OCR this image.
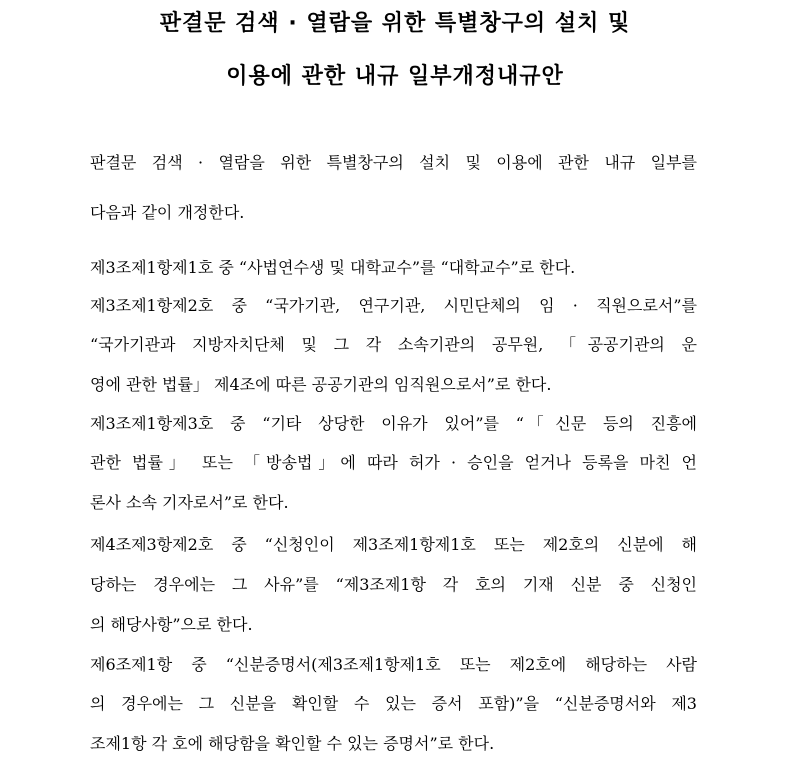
판결문 검색 · 열람을 위한 특별창구의 설치 및
이용에 관한 내규 일부개정내규안
판결문 검색 · 열람을 위한 특별창구의 설치 및 이용에 관한 내규 일부를
다음과 같이 개정한다.
제3조제1항제1호 중 “사법연수생 및 대학교수”를 “대학교수”로 한다.
제3조제1항제2호 중 “국가기관, 연구기관, 시민단체의 임 · 직원으로서”를
“국가기관과 지방자치단체 및 그 각 소속기관의 공무원, 「공공기관의 운
영에 관한 법률」 제4조에 따른 공공기관의 임직원으로서”로 한다.
제3조제1항제3호 중 “기타 상당한 이유가 있어”를 “「신문 등의 진흥에
관한 법률」 또는 「방송법」에 따라 허가 · 승인을 얻거나 등록을 마친 언
론사 소속 기자로서”로 한다.
제4조제3항제2호 중 “신청인이 제3조제1항제1호 또는 제2호의 신분에 해
당하는 경우에는 그 사유”를 “제3조제1항 각 호의 기재 신분 중 신청인
의 해당사항”으로 한다.
제6조제1항 중 “신분증명서(제3조제1항제1호 또는 제2호에 해당하는 사람
의 경우에는 그 신분을 확인할 수 있는 증서 포함)”을 “신분증명서와 제3
조제1항 각 호에 해당함을 확인할 수 있는 증명서”로 한다.
